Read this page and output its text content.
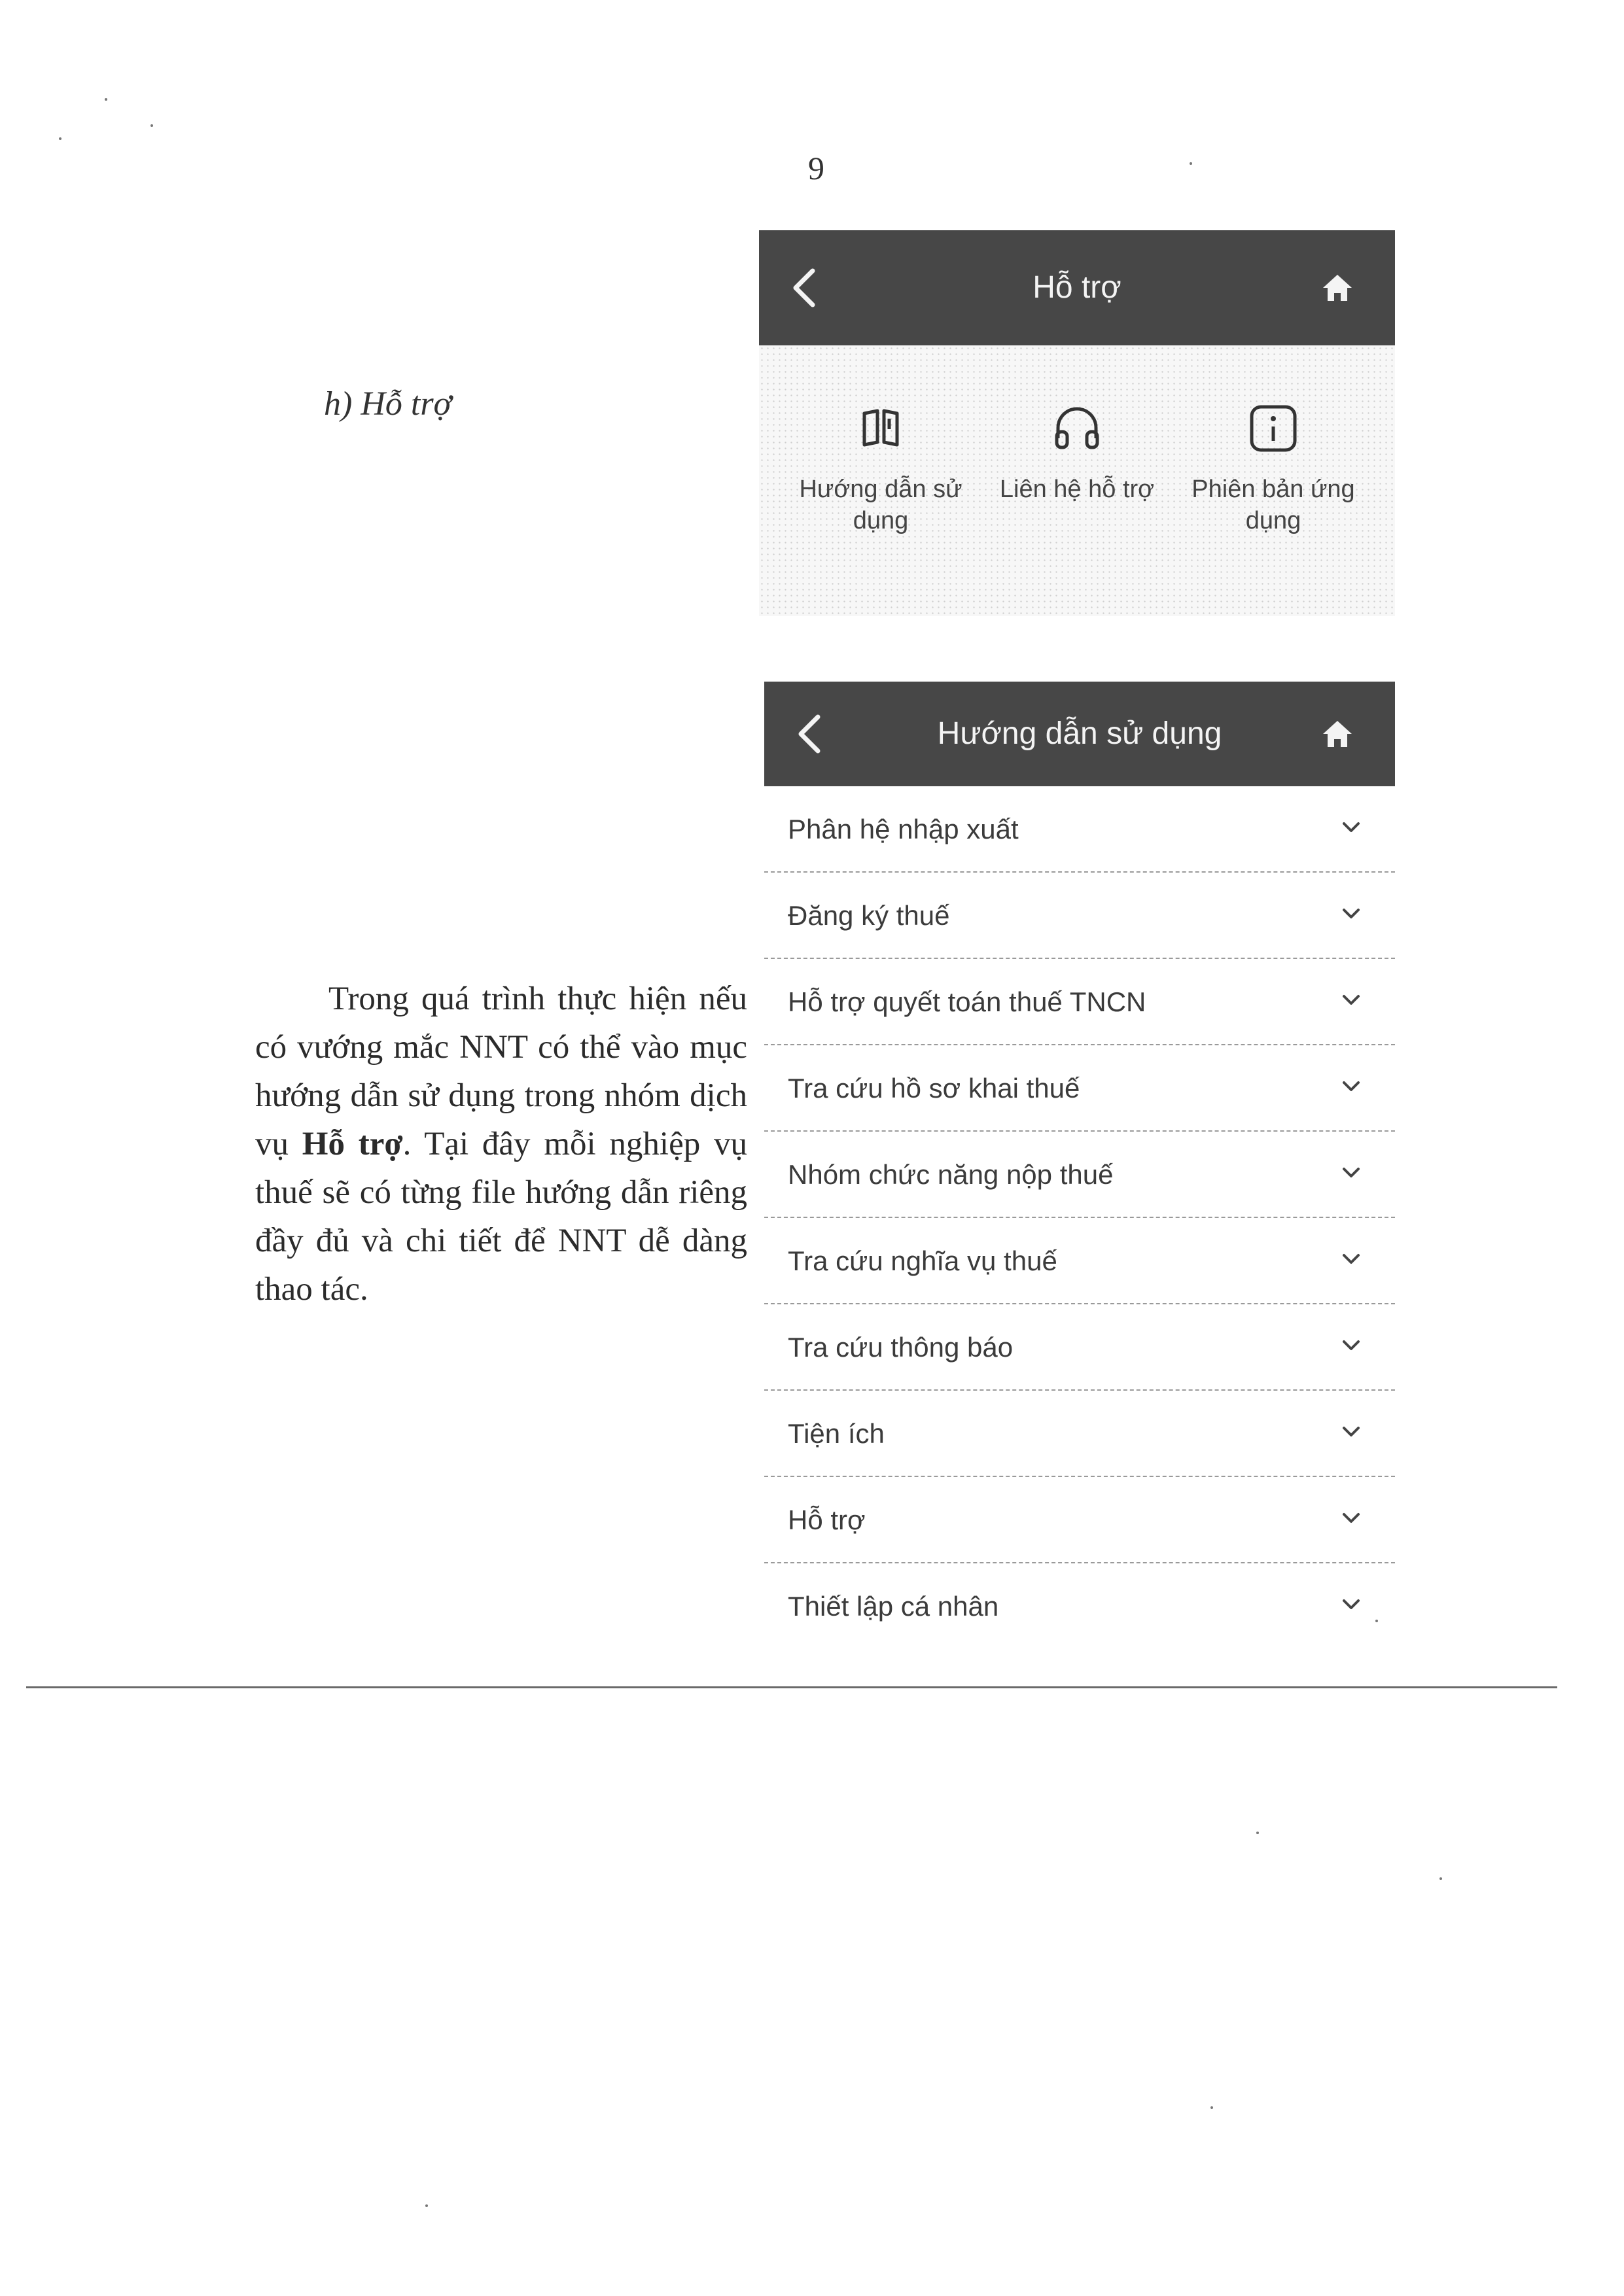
9
h) Hỗ trợ

Trong quá trình thực hiện nếu có vướng mắc NNT có thể vào mục hướng dẫn sử dụng trong nhóm dịch vụ Hỗ trợ. Tại đây mỗi nghiệp vụ thuế sẽ có từng file hướng dẫn riêng đầy đủ và chi tiết để NNT dễ dàng thao tác.

Hỗ trợ
Hướng dẫn sử dụng
Liên hệ hỗ trợ	Phiên bản ứng dụng
Hướng dẫn sử dụng
Phân hệ nhập xuất
Đăng ký thuế
Hỗ trợ quyết toán thuế TNCN
Tra cứu hồ sơ khai thuế
Nhóm chức năng nộp thuế
Tra cứu nghĩa vụ thuế
Tra cứu thông báo
Tiện ích
Hỗ trợ
Thiết lập cá nhân
